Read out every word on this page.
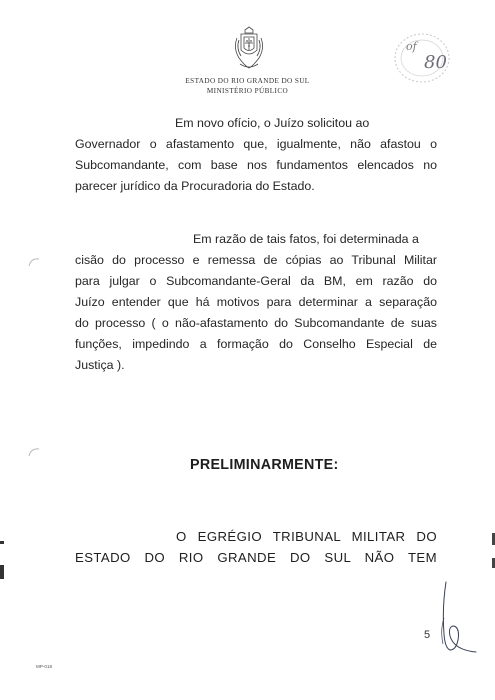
ESTADO DO RIO GRANDE DO SUL
MINISTÉRIO PÚBLICO
of
80
Em novo ofício, o Juízo solicitou ao
Governador o afastamento que, igualmente, não afastou o
Subcomandante, com base nos fundamentos elencados no
parecer jurídico da Procuradoria do Estado.
Em razão de tais fatos, foi determinada a
cisão do processo e remessa de cópias ao Tribunal Militar
para julgar o Subcomandante-Geral da BM, em razão do
Juízo entender que há motivos para determinar a separação
do processo ( o não-afastamento do Subcomandante de suas
funções, impedindo a formação do Conselho Especial de
Justiça ).
PRELIMINARMENTE:
O EGRÉGIO TRIBUNAL MILITAR DO
ESTADO DO RIO GRANDE DO SUL NÃO TEM
5
MP-018
